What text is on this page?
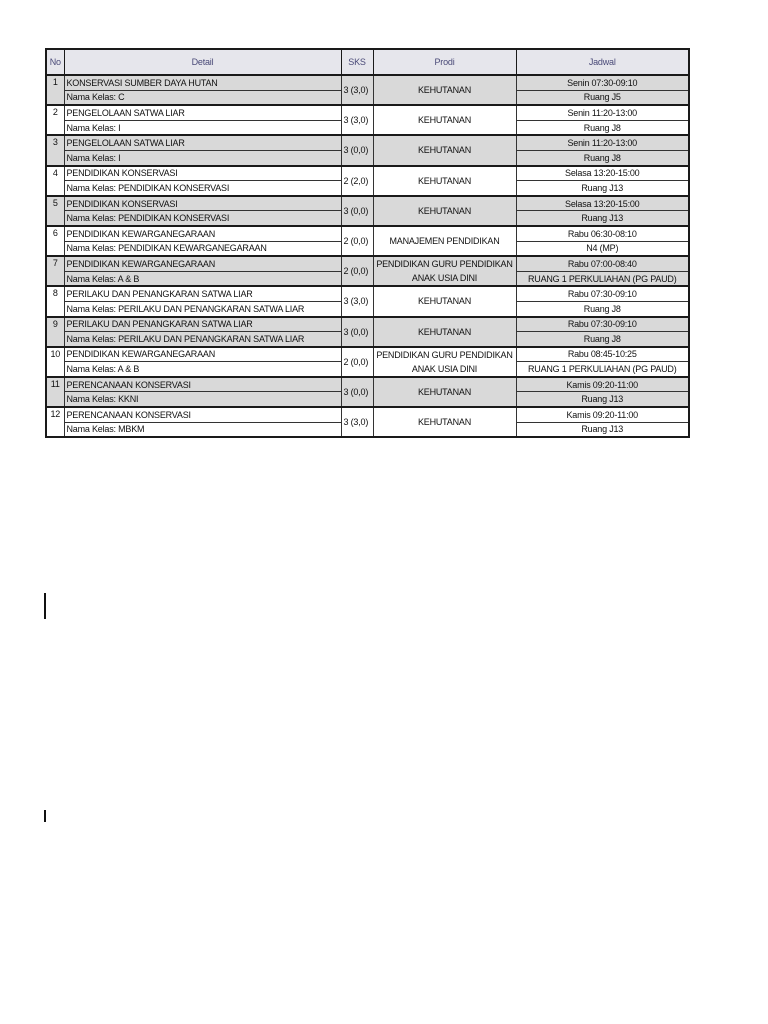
No	Detail	SKS	Prodi	Jadwal
1	KONSERVASI SUMBER DAYA HUTAN	3 (3,0)	KEHUTANAN	Senin 07:30-09:10
	Nama Kelas: C			Ruang J5
2	PENGELOLAAN SATWA LIAR	3 (3,0)	KEHUTANAN	Senin 11:20-13:00
	Nama Kelas: I			Ruang J8
3	PENGELOLAAN SATWA LIAR	3 (0,0)	KEHUTANAN	Senin 11:20-13:00
	Nama Kelas: I			Ruang J8
4	PENDIDIKAN KONSERVASI	2 (2,0)	KEHUTANAN	Selasa 13:20-15:00
	Nama Kelas: PENDIDIKAN KONSERVASI			Ruang J13
5	PENDIDIKAN KONSERVASI	3 (0,0)	KEHUTANAN	Selasa 13:20-15:00
	Nama Kelas: PENDIDIKAN KONSERVASI			Ruang J13
6	PENDIDIKAN KEWARGANEGARAAN	2 (0,0)	MANAJEMEN PENDIDIKAN	Rabu 06:30-08:10
	Nama Kelas: PENDIDIKAN KEWARGANEGARAAN			N4 (MP)
7	PENDIDIKAN KEWARGANEGARAAN	2 (0,0)	PENDIDIKAN GURU PENDIDIKAN ANAK USIA DINI	Rabu 07:00-08:40
	Nama Kelas: A & B			RUANG 1 PERKULIAHAN (PG PAUD)
8	PERILAKU DAN PENANGKARAN SATWA LIAR	3 (3,0)	KEHUTANAN	Rabu 07:30-09:10
	Nama Kelas: PERILAKU DAN PENANGKARAN SATWA LIAR			Ruang J8
9	PERILAKU DAN PENANGKARAN SATWA LIAR	3 (0,0)	KEHUTANAN	Rabu 07:30-09:10
	Nama Kelas: PERILAKU DAN PENANGKARAN SATWA LIAR			Ruang J8
10	PENDIDIKAN KEWARGANEGARAAN	2 (0,0)	PENDIDIKAN GURU PENDIDIKAN ANAK USIA DINI	Rabu 08:45-10:25
	Nama Kelas: A & B			RUANG 1 PERKULIAHAN (PG PAUD)
11	PERENCANAAN KONSERVASI	3 (0,0)	KEHUTANAN	Kamis 09:20-11:00
	Nama Kelas: KKNI			Ruang J13
12	PERENCANAAN KONSERVASI	3 (3,0)	KEHUTANAN	Kamis 09:20-11:00
	Nama Kelas: MBKM			Ruang J13
